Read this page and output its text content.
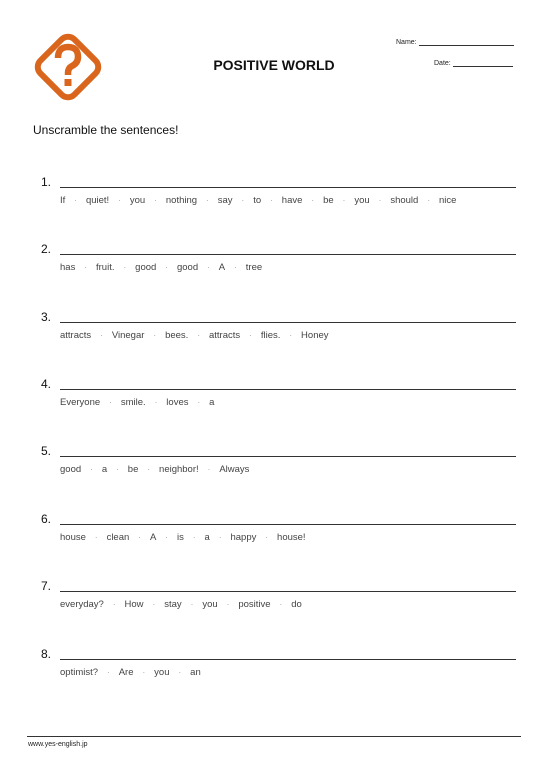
POSITIVE WORLD
Name:
Date:
Unscramble the sentences!
1.
If · quiet! · you · nothing · say · to · have · be · you · should · nice
2.
has · fruit. · good · good · A · tree
3.
attracts · Vinegar · bees. · attracts · flies. · Honey
4.
Everyone · smile. · loves · a
5.
good · a · be · neighbor! · Always
6.
house · clean · A · is · a · happy · house!
7.
everyday? · How · stay · you · positive · do
8.
optimist? · Are · you · an
www.yes-english.jp
